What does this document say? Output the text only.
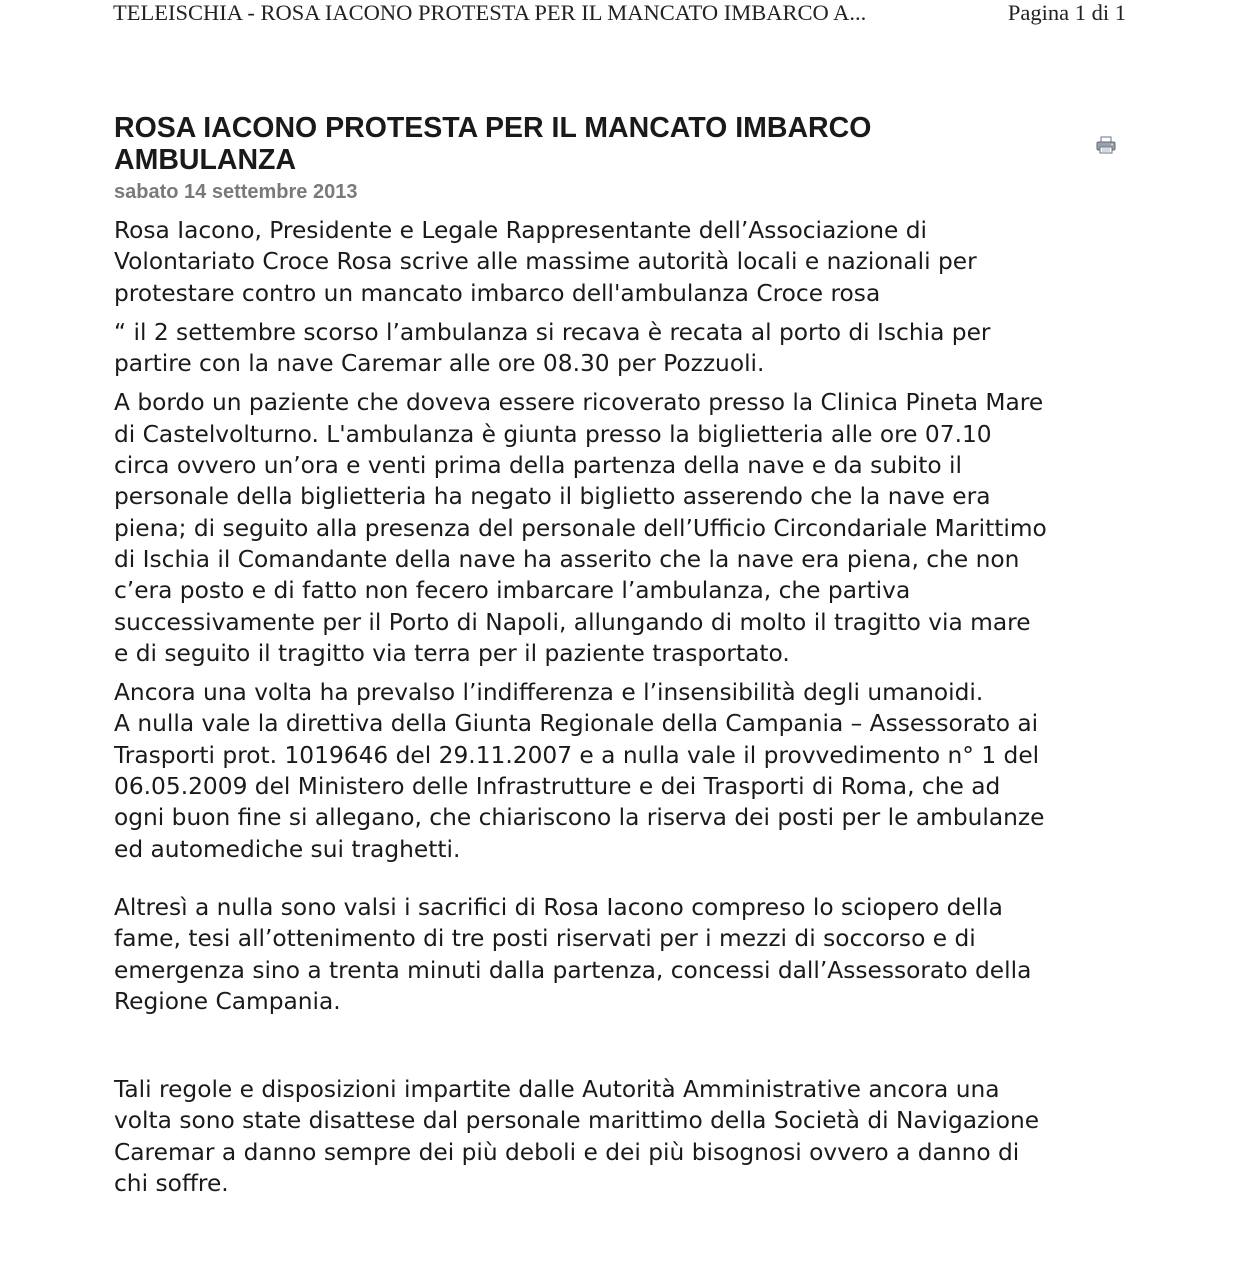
TELEISCHIA - ROSA IACONO PROTESTA PER IL MANCATO IMBARCO A...	Pagina 1 di 1
ROSA IACONO PROTESTA PER IL MANCATO IMBARCO AMBULANZA
sabato 14 settembre 2013

Rosa Iacono, Presidente e Legale Rappresentante dell’Associazione di
Volontariato Croce Rosa scrive alle massime autorità locali e nazionali per
protestare contro un mancato imbarco dell'ambulanza Croce rosa

“ il 2 settembre scorso l’ambulanza si recava è recata al porto di Ischia per
partire con la nave Caremar alle ore 08.30 per Pozzuoli.

A bordo un paziente che doveva essere ricoverato presso la Clinica Pineta Mare
di Castelvolturno. L'ambulanza è giunta presso la biglietteria alle ore 07.10
circa ovvero un’ora e venti prima della partenza della nave e da subito il
personale della biglietteria ha negato il biglietto asserendo che la nave era
piena; di seguito alla presenza del personale dell’Ufficio Circondariale Marittimo
di Ischia il Comandante della nave ha asserito che la nave era piena, che non
c’era posto e di fatto non fecero imbarcare l’ambulanza, che partiva
successivamente per il Porto di Napoli, allungando di molto il tragitto via mare
e di seguito il tragitto via terra per il paziente trasportato.

Ancora una volta ha prevalso l’indifferenza e l’insensibilità degli umanoidi.
A nulla vale la direttiva della Giunta Regionale della Campania – Assessorato ai
Trasporti prot. 1019646 del 29.11.2007 e a nulla vale il provvedimento n° 1 del
06.05.2009 del Ministero delle Infrastrutture e dei Trasporti di Roma, che ad
ogni buon fine si allegano, che chiariscono la riserva dei posti per le ambulanze
ed automediche sui traghetti.

Altresì a nulla sono valsi i sacrifici di Rosa Iacono compreso lo sciopero della
fame, tesi all’ottenimento di tre posti riservati per i mezzi di soccorso e di
emergenza sino a trenta minuti dalla partenza, concessi dall’Assessorato della
Regione Campania.

Tali regole e disposizioni impartite dalle Autorità Amministrative ancora una
volta sono state disattese dal personale marittimo della Società di Navigazione
Caremar a danno sempre dei più deboli e dei più bisognosi ovvero a danno di
chi soffre.
